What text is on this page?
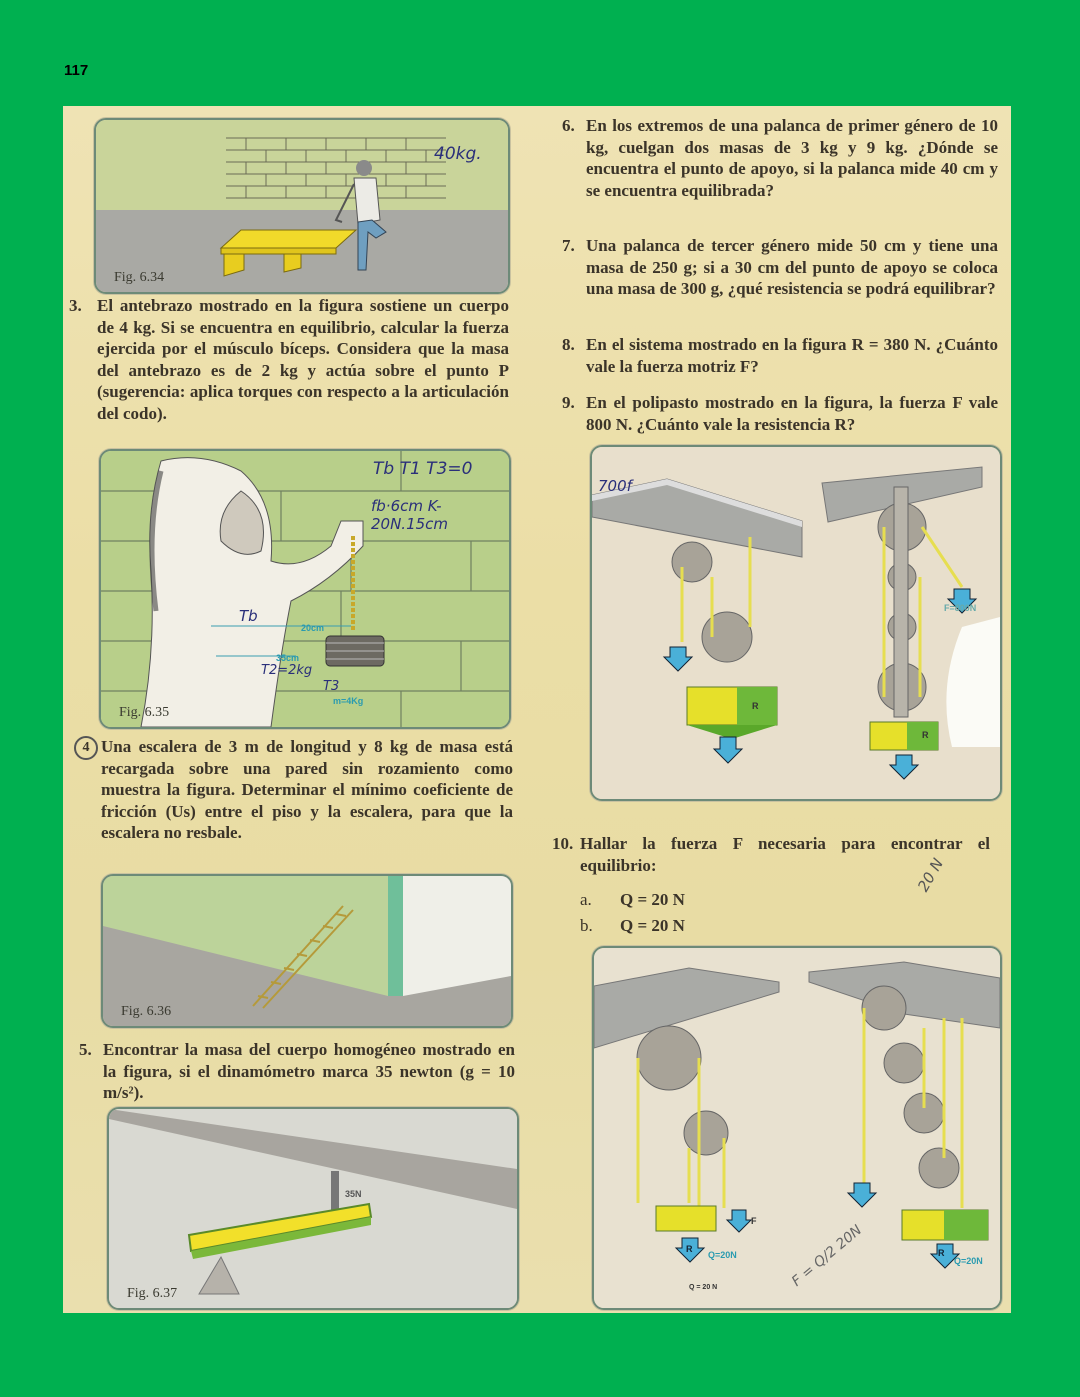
117
40kg.
Fig. 6.34
3. El antebrazo mostrado en la figura sostiene un cuerpo de 4 kg. Si se encuentra en equilibrio, calcular la fuerza ejercida por el músculo bíceps. Considera que la masa del antebrazo es de 2 kg y actúa sobre el punto P (sugerencia: aplica torques con respecto a la articulación del codo).
20cm
35cm
m=4Kg
Tb T1 T3=0
fb·6cm K-20N.15cm
Tb
T2=2kg
T3
Fig. 6.35
4 Una escalera de 3 m de longitud y 8 kg de masa está recargada sobre una pared sin rozamiento como muestra la figura. Determinar el mínimo coeficiente de fricción (Us) entre el piso y la escalera, para que la escalera no resbale.
Fig. 6.36
5. Encontrar la masa del cuerpo homogéneo mostrado en la figura, si el dinamómetro marca 35 newton (g = 10 m/s²).
35N
Fig. 6.37
6. En los extremos de una palanca de primer género de 10 kg, cuelgan dos masas de 3 kg y 9 kg. ¿Dónde se encuentra el punto de apoyo, si la palanca mide 40 cm y se encuentra equilibrada?
7. Una palanca de tercer género mide 50 cm y tiene una masa de 250 g; si a 30 cm del punto de apoyo se coloca una masa de 300 g, ¿qué resistencia se podrá equilibrar?
8. En el sistema mostrado en la figura R = 380 N. ¿Cuánto vale la fuerza motriz F?
9. En el polipasto mostrado en la figura, la fuerza F vale 800 N. ¿Cuánto vale la resistencia R?
700f
F=800N
R
R
10. Hallar la fuerza F necesaria para encontrar el equilibrio:
a. Q = 20 N
b. Q = 20 N
20 N
Q=20N
R
F
Q=20N
R
Q = 20 N	F = Q/2 20N
